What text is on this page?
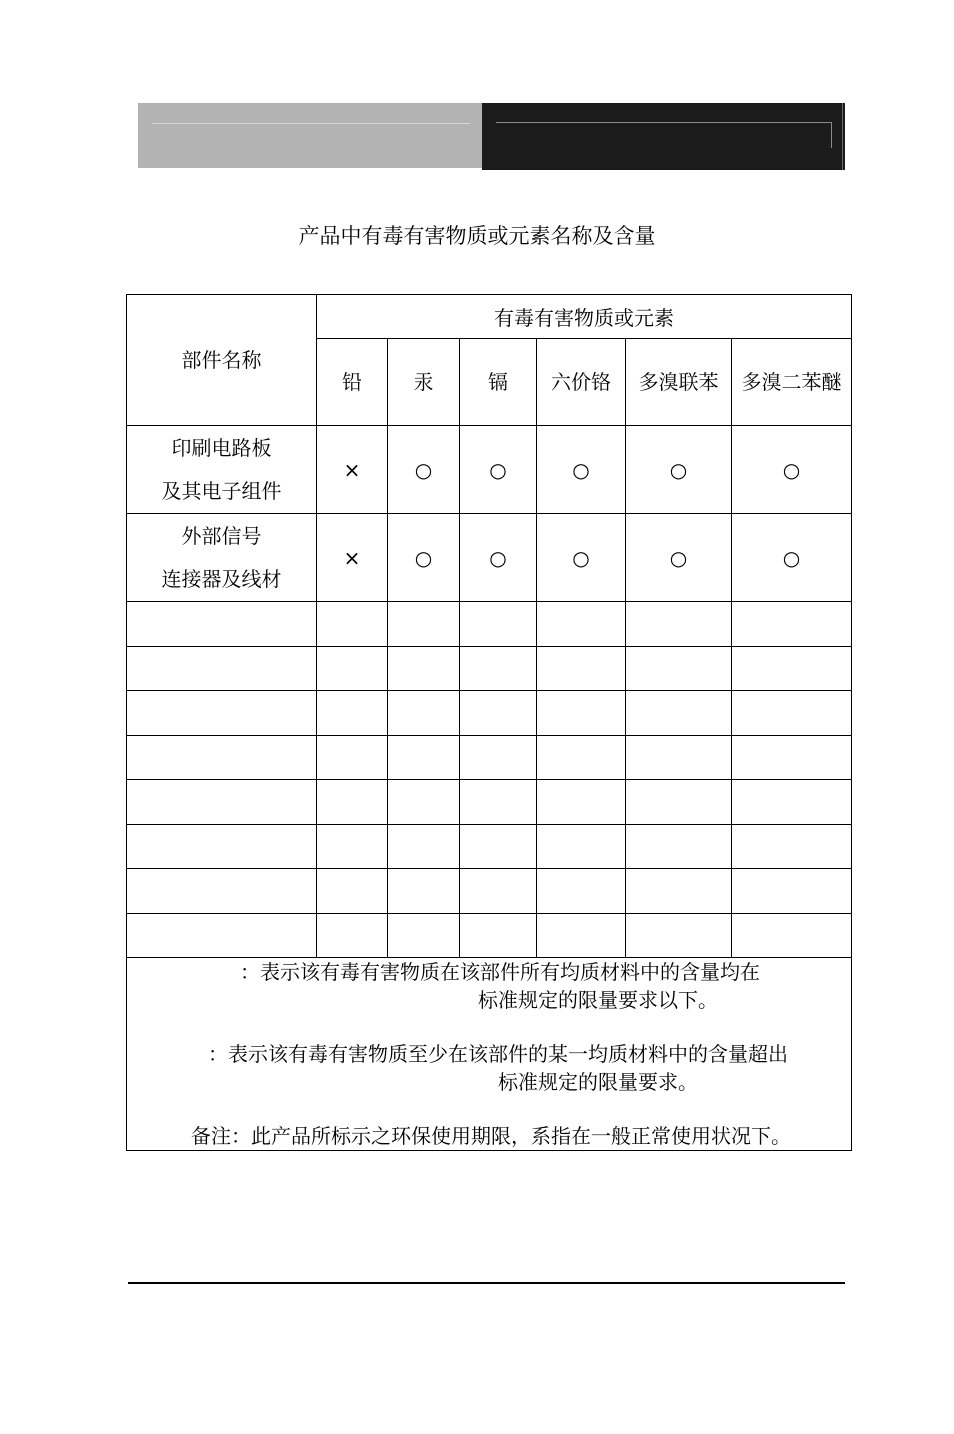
产品中有毒有害物质或元素名称及含量
部件名称	有毒有害物质或元素					
	铅	汞	镉	六价铬	多溴联苯	多溴二苯醚

印刷电路板
及其电子组件	×	○	○	○	○	○

外部信号
连接器及线材	×	○	○	○	○	○

：表示该有毒有害物质在该部件所有均质材料中的含量均在
标准规定的限量要求以下。
：表示该有毒有害物质至少在该部件的某一均质材料中的含量超出
标准规定的限量要求。
备注：此产品所标示之环保使用期限，系指在一般正常使用状况下。						
